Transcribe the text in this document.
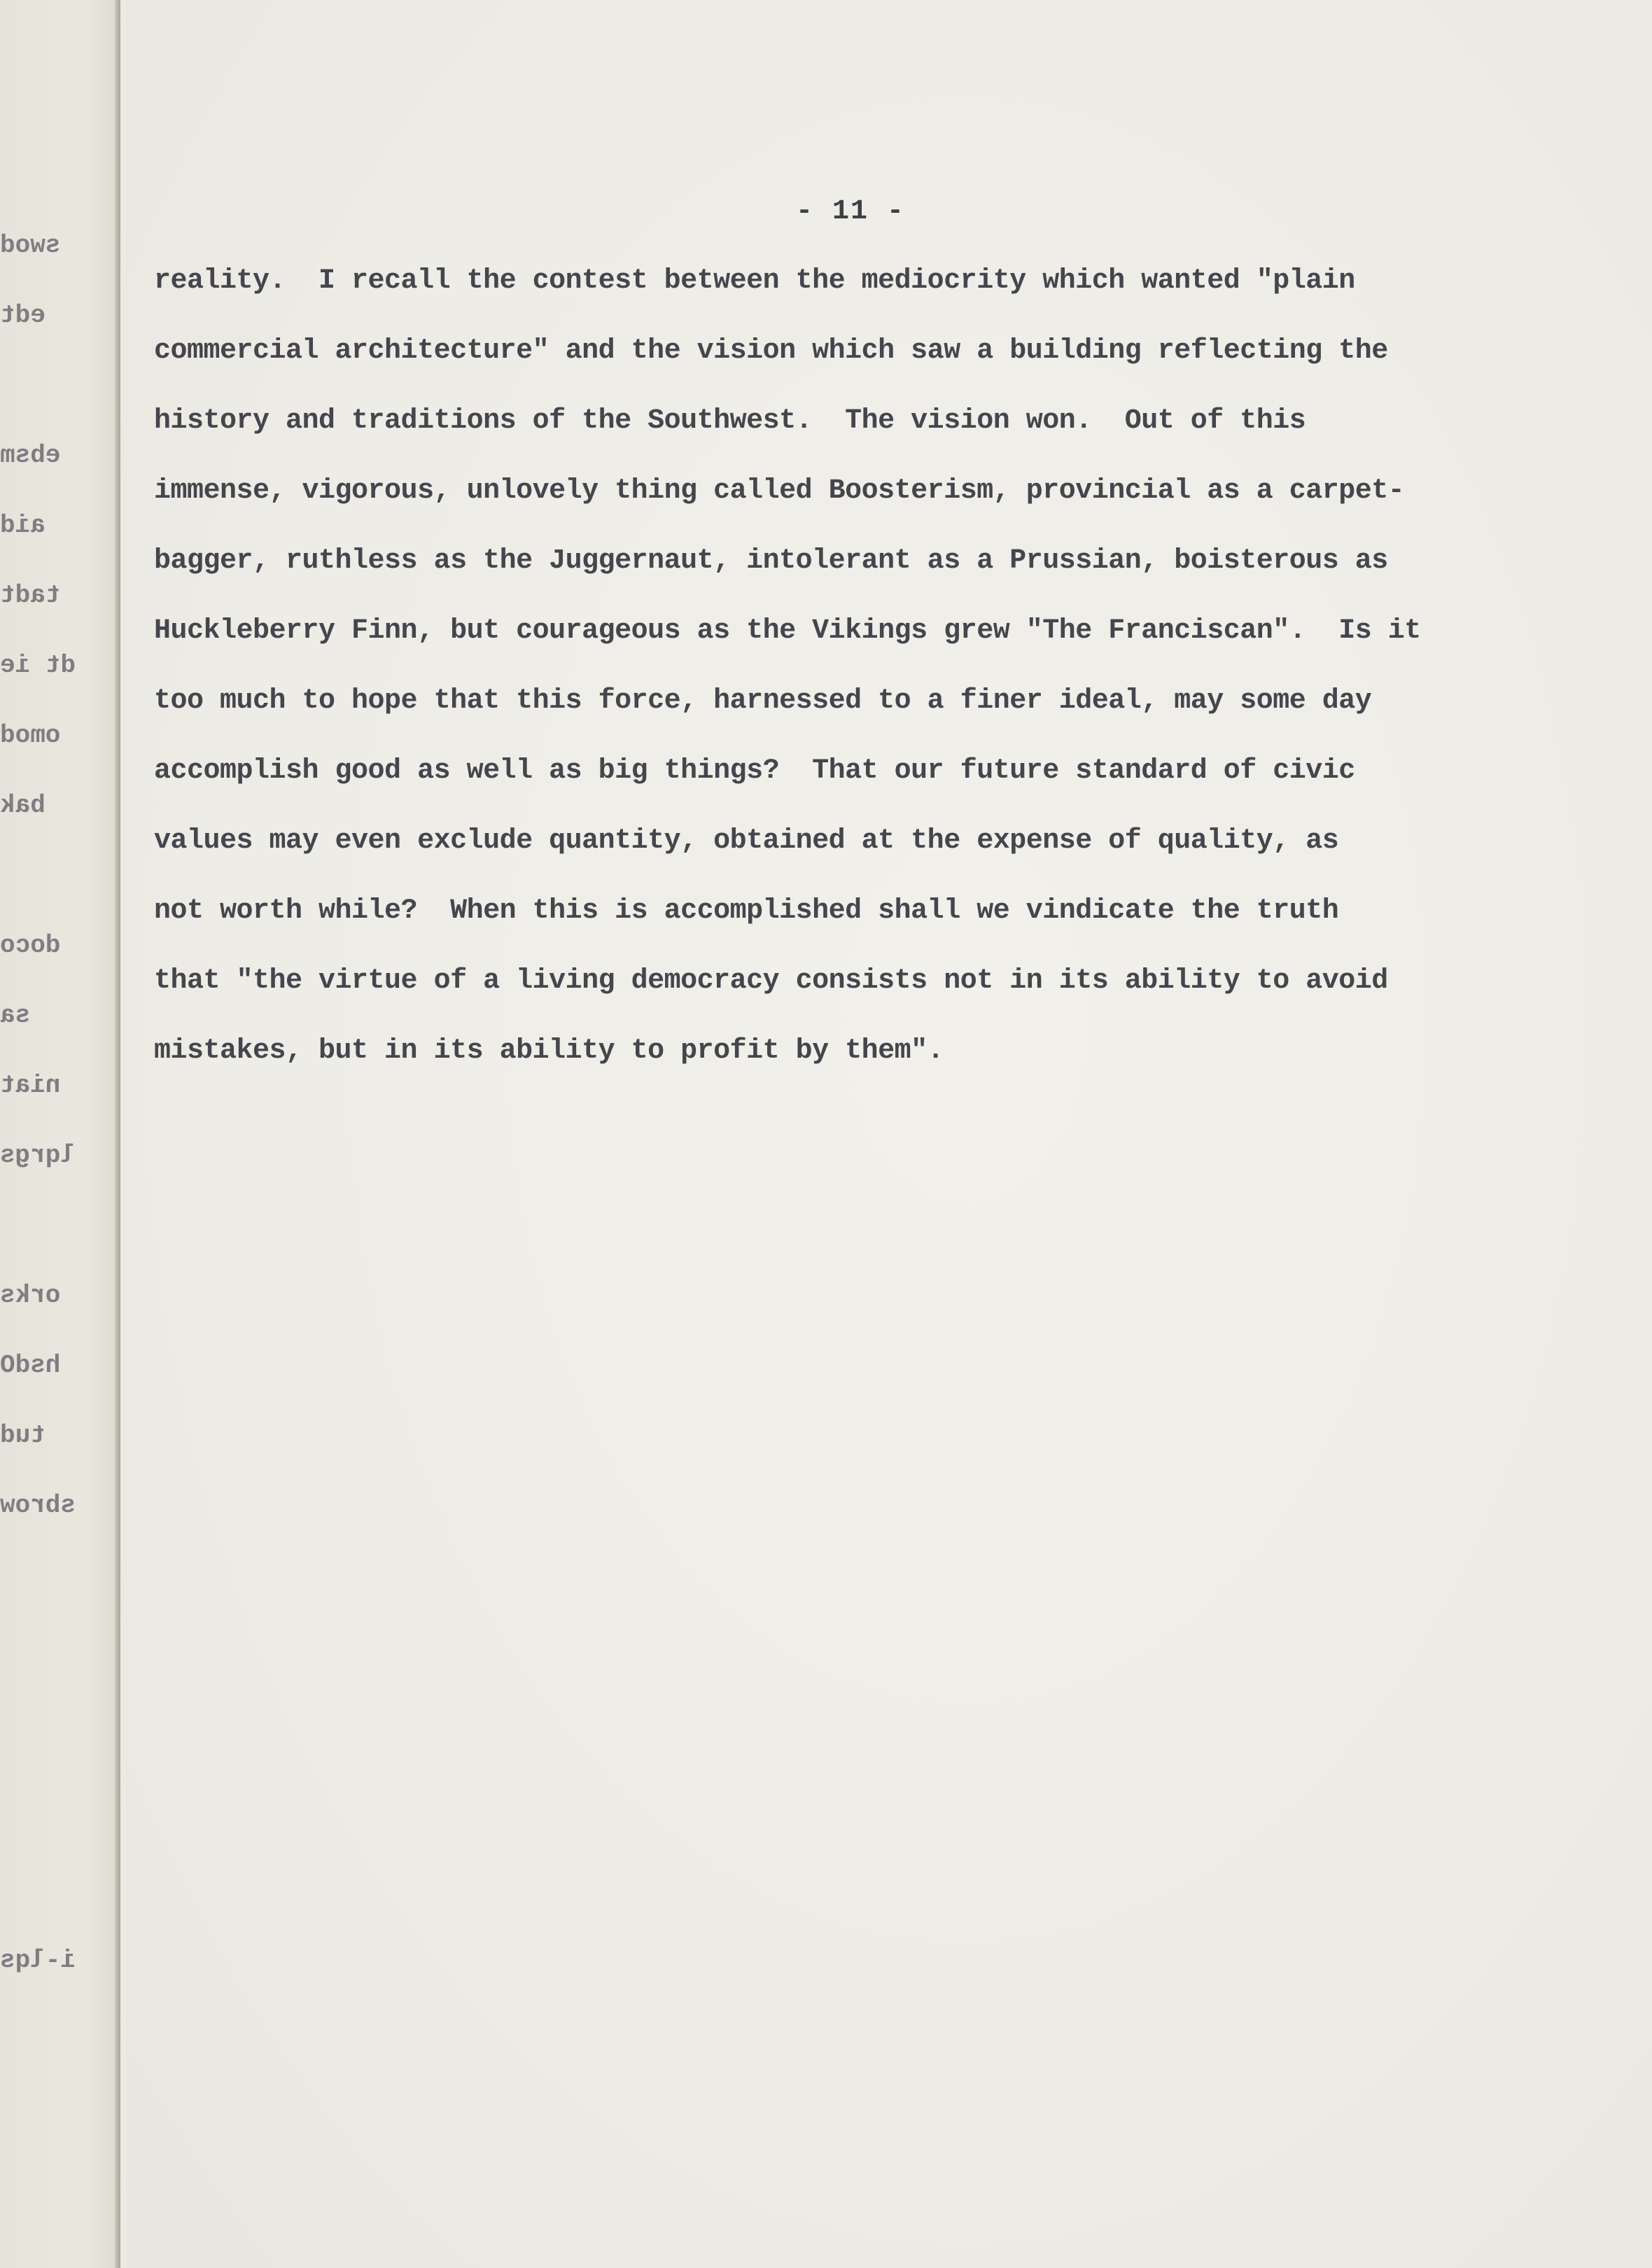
swod
edt
ebsm
aid
tadt
dt ie
omod
bak
doco
sa
niat
lqrgs
orks
hsdO
tud
sbrow
i-lqs
- 11 -
reality.  I recall the contest between the mediocrity which wanted "plain
commercial architecture" and the vision which saw a building reflecting the
history and traditions of the Southwest.  The vision won.  Out of this
immense, vigorous, unlovely thing called Boosterism, provincial as a carpet-
bagger, ruthless as the Juggernaut, intolerant as a Prussian, boisterous as
Huckleberry Finn, but courageous as the Vikings grew "The Franciscan".  Is it
too much to hope that this force, harnessed to a finer ideal, may some day
accomplish good as well as big things?  That our future standard of civic
values may even exclude quantity, obtained at the expense of quality, as
not worth while?  When this is accomplished shall we vindicate the truth
that "the virtue of a living democracy consists not in its ability to avoid
mistakes, but in its ability to profit by them".
